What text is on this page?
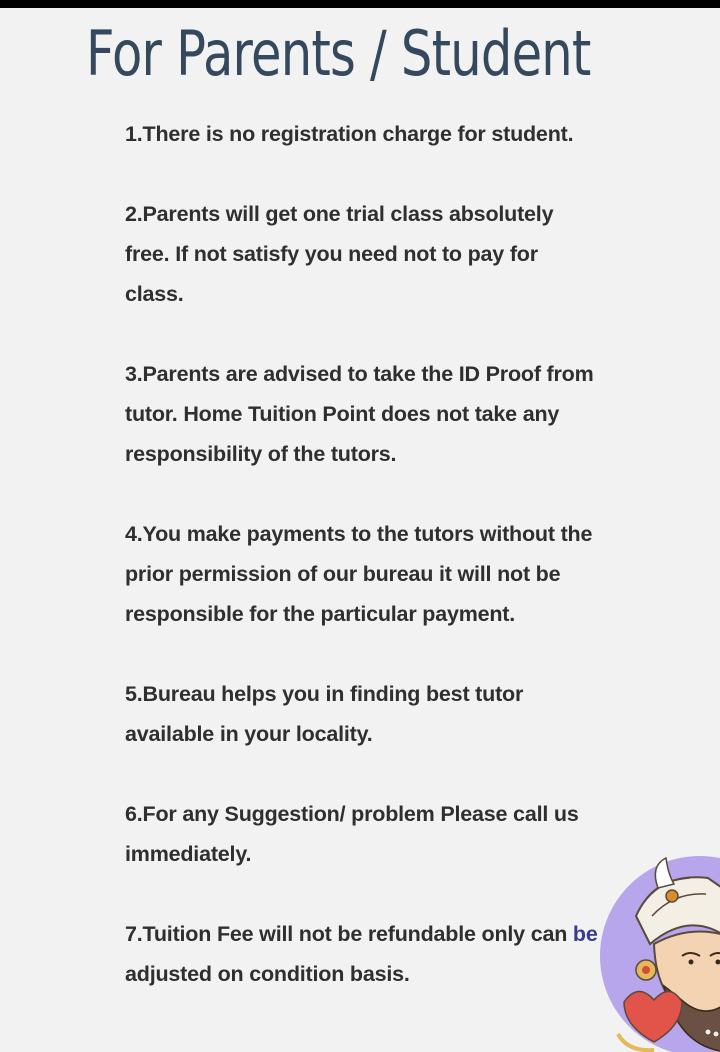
For Parents / Student
1.There is no registration charge for student.
2.Parents will get one trial class absolutely
free. If not satisfy you need not to pay for
class.
3.Parents are advised to take the ID Proof from
tutor. Home Tuition Point does not take any
responsibility of the tutors.
4.You make payments to the tutors without the
prior permission of our bureau it will not be
responsible for the particular payment.
5.Bureau helps you in finding best tutor
available in your locality.
6.For any Suggestion/ problem Please call us
immediately.
7.Tuition Fee will not be refundable only can be
adjusted on condition basis.
